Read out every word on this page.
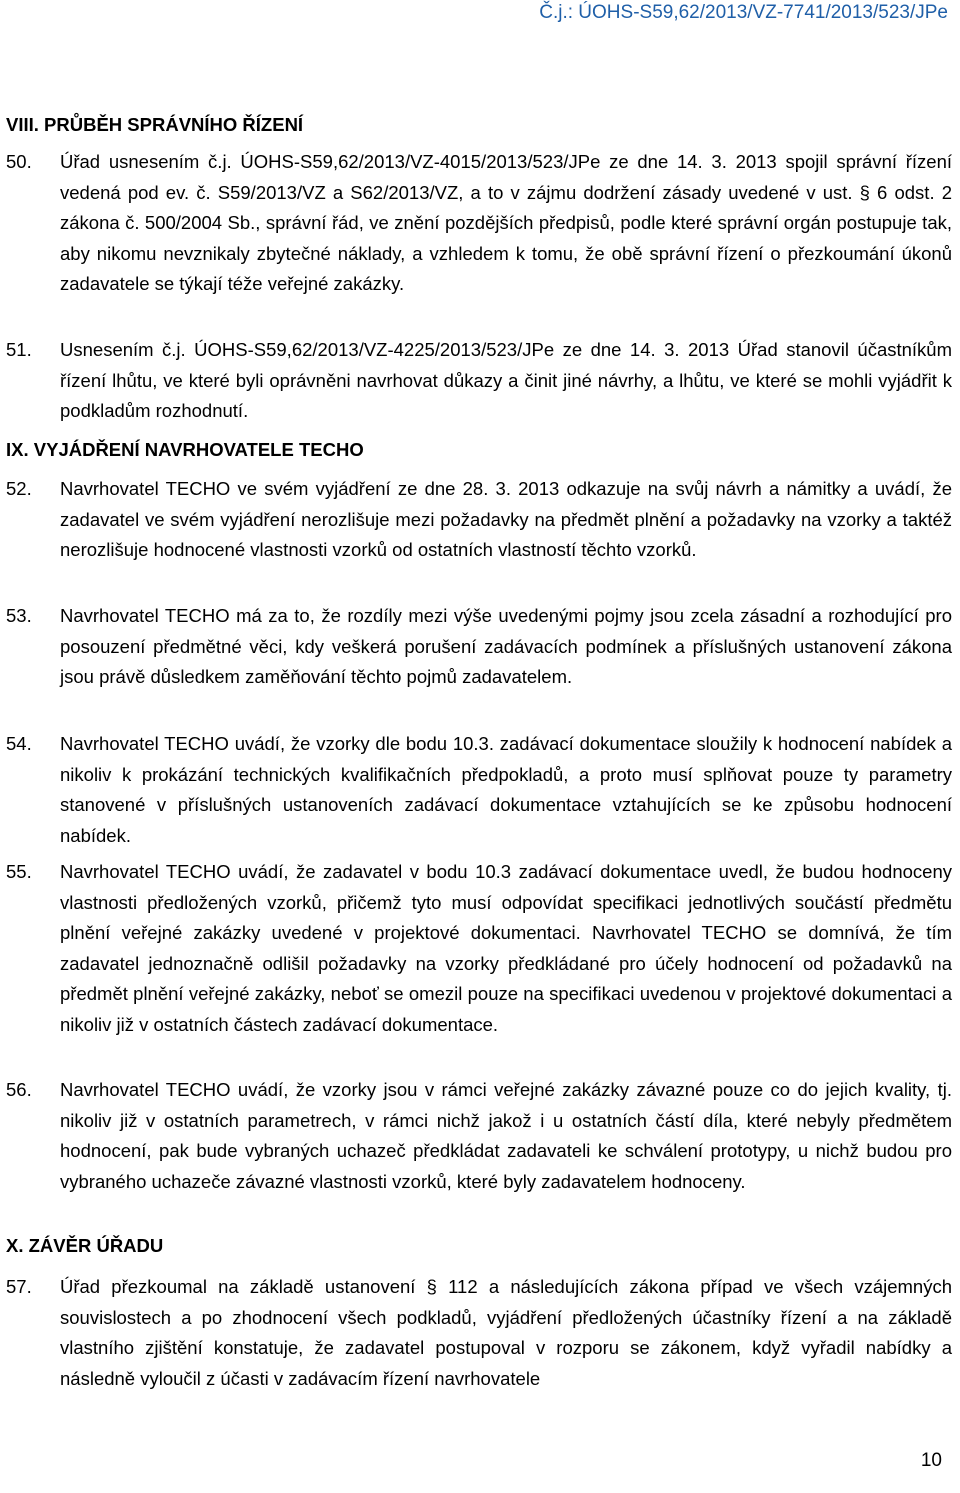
Č.j.: ÚOHS-S59,62/2013/VZ-7741/2013/523/JPe
VIII. PRŮBĚH SPRÁVNÍHO ŘÍZENÍ
50.	Úřad usnesením č.j. ÚOHS-S59,62/2013/VZ-4015/2013/523/JPe ze dne 14. 3. 2013 spojil správní řízení vedená pod ev. č. S59/2013/VZ a S62/2013/VZ, a to v zájmu dodržení zásady uvedené v ust. § 6 odst. 2 zákona č. 500/2004 Sb., správní řád, ve znění pozdějších předpisů, podle které správní orgán postupuje tak, aby nikomu nevznikaly zbytečné náklady, a vzhledem k tomu, že obě správní řízení o přezkoumání úkonů zadavatele se týkají téže veřejné zakázky.
51.	Usnesením č.j. ÚOHS-S59,62/2013/VZ-4225/2013/523/JPe ze dne 14. 3. 2013 Úřad stanovil účastníkům řízení lhůtu, ve které byli oprávněni navrhovat důkazy a činit jiné návrhy, a lhůtu, ve které se mohli vyjádřit k podkladům rozhodnutí.
IX. VYJÁDŘENÍ NAVRHOVATELE TECHO
52.	Navrhovatel TECHO ve svém vyjádření ze dne 28. 3. 2013 odkazuje na svůj návrh a námitky a uvádí, že zadavatel ve svém vyjádření nerozlišuje mezi požadavky na předmět plnění a požadavky na vzorky a taktéž nerozlišuje hodnocené vlastnosti vzorků od ostatních vlastností těchto vzorků.
53.	Navrhovatel TECHO má za to, že rozdíly mezi výše uvedenými pojmy jsou zcela zásadní a rozhodující pro posouzení předmětné věci, kdy veškerá porušení zadávacích podmínek a příslušných ustanovení zákona jsou právě důsledkem zaměňování těchto pojmů zadavatelem.
54.	Navrhovatel TECHO uvádí, že vzorky dle bodu 10.3. zadávací dokumentace sloužily k hodnocení nabídek a nikoliv k prokázání technických kvalifikačních předpokladů, a proto musí splňovat pouze ty parametry stanovené v příslušných ustanoveních zadávací dokumentace vztahujících se ke způsobu hodnocení nabídek.
55.	Navrhovatel TECHO uvádí, že zadavatel v bodu 10.3 zadávací dokumentace uvedl, že budou hodnoceny vlastnosti předložených vzorků, přičemž tyto musí odpovídat specifikaci jednotlivých součástí předmětu plnění veřejné zakázky uvedené v projektové dokumentaci. Navrhovatel TECHO se domnívá, že tím zadavatel jednoznačně odlišil požadavky na vzorky předkládané pro účely hodnocení od požadavků na předmět plnění veřejné zakázky, neboť se omezil pouze na specifikaci uvedenou v projektové dokumentaci a nikoliv již v ostatních částech zadávací dokumentace.
56.	Navrhovatel TECHO uvádí, že vzorky jsou v rámci veřejné zakázky závazné pouze co do jejich kvality, tj. nikoliv již v ostatních parametrech, v rámci nichž jakož i u ostatních částí díla, které nebyly předmětem hodnocení, pak bude vybraných uchazeč předkládat zadavateli ke schválení prototypy, u nichž budou pro vybraného uchazeče závazné vlastnosti vzorků, které byly zadavatelem hodnoceny.
X. ZÁVĚR ÚŘADU
57.	Úřad přezkoumal na základě ustanovení § 112 a následujících zákona případ ve všech vzájemných souvislostech a po zhodnocení všech podkladů, vyjádření předložených účastníky řízení a na základě vlastního zjištění konstatuje, že zadavatel postupoval v rozporu se zákonem, když vyřadil nabídky a následně vyloučil z účasti v zadávacím řízení navrhovatele
10
